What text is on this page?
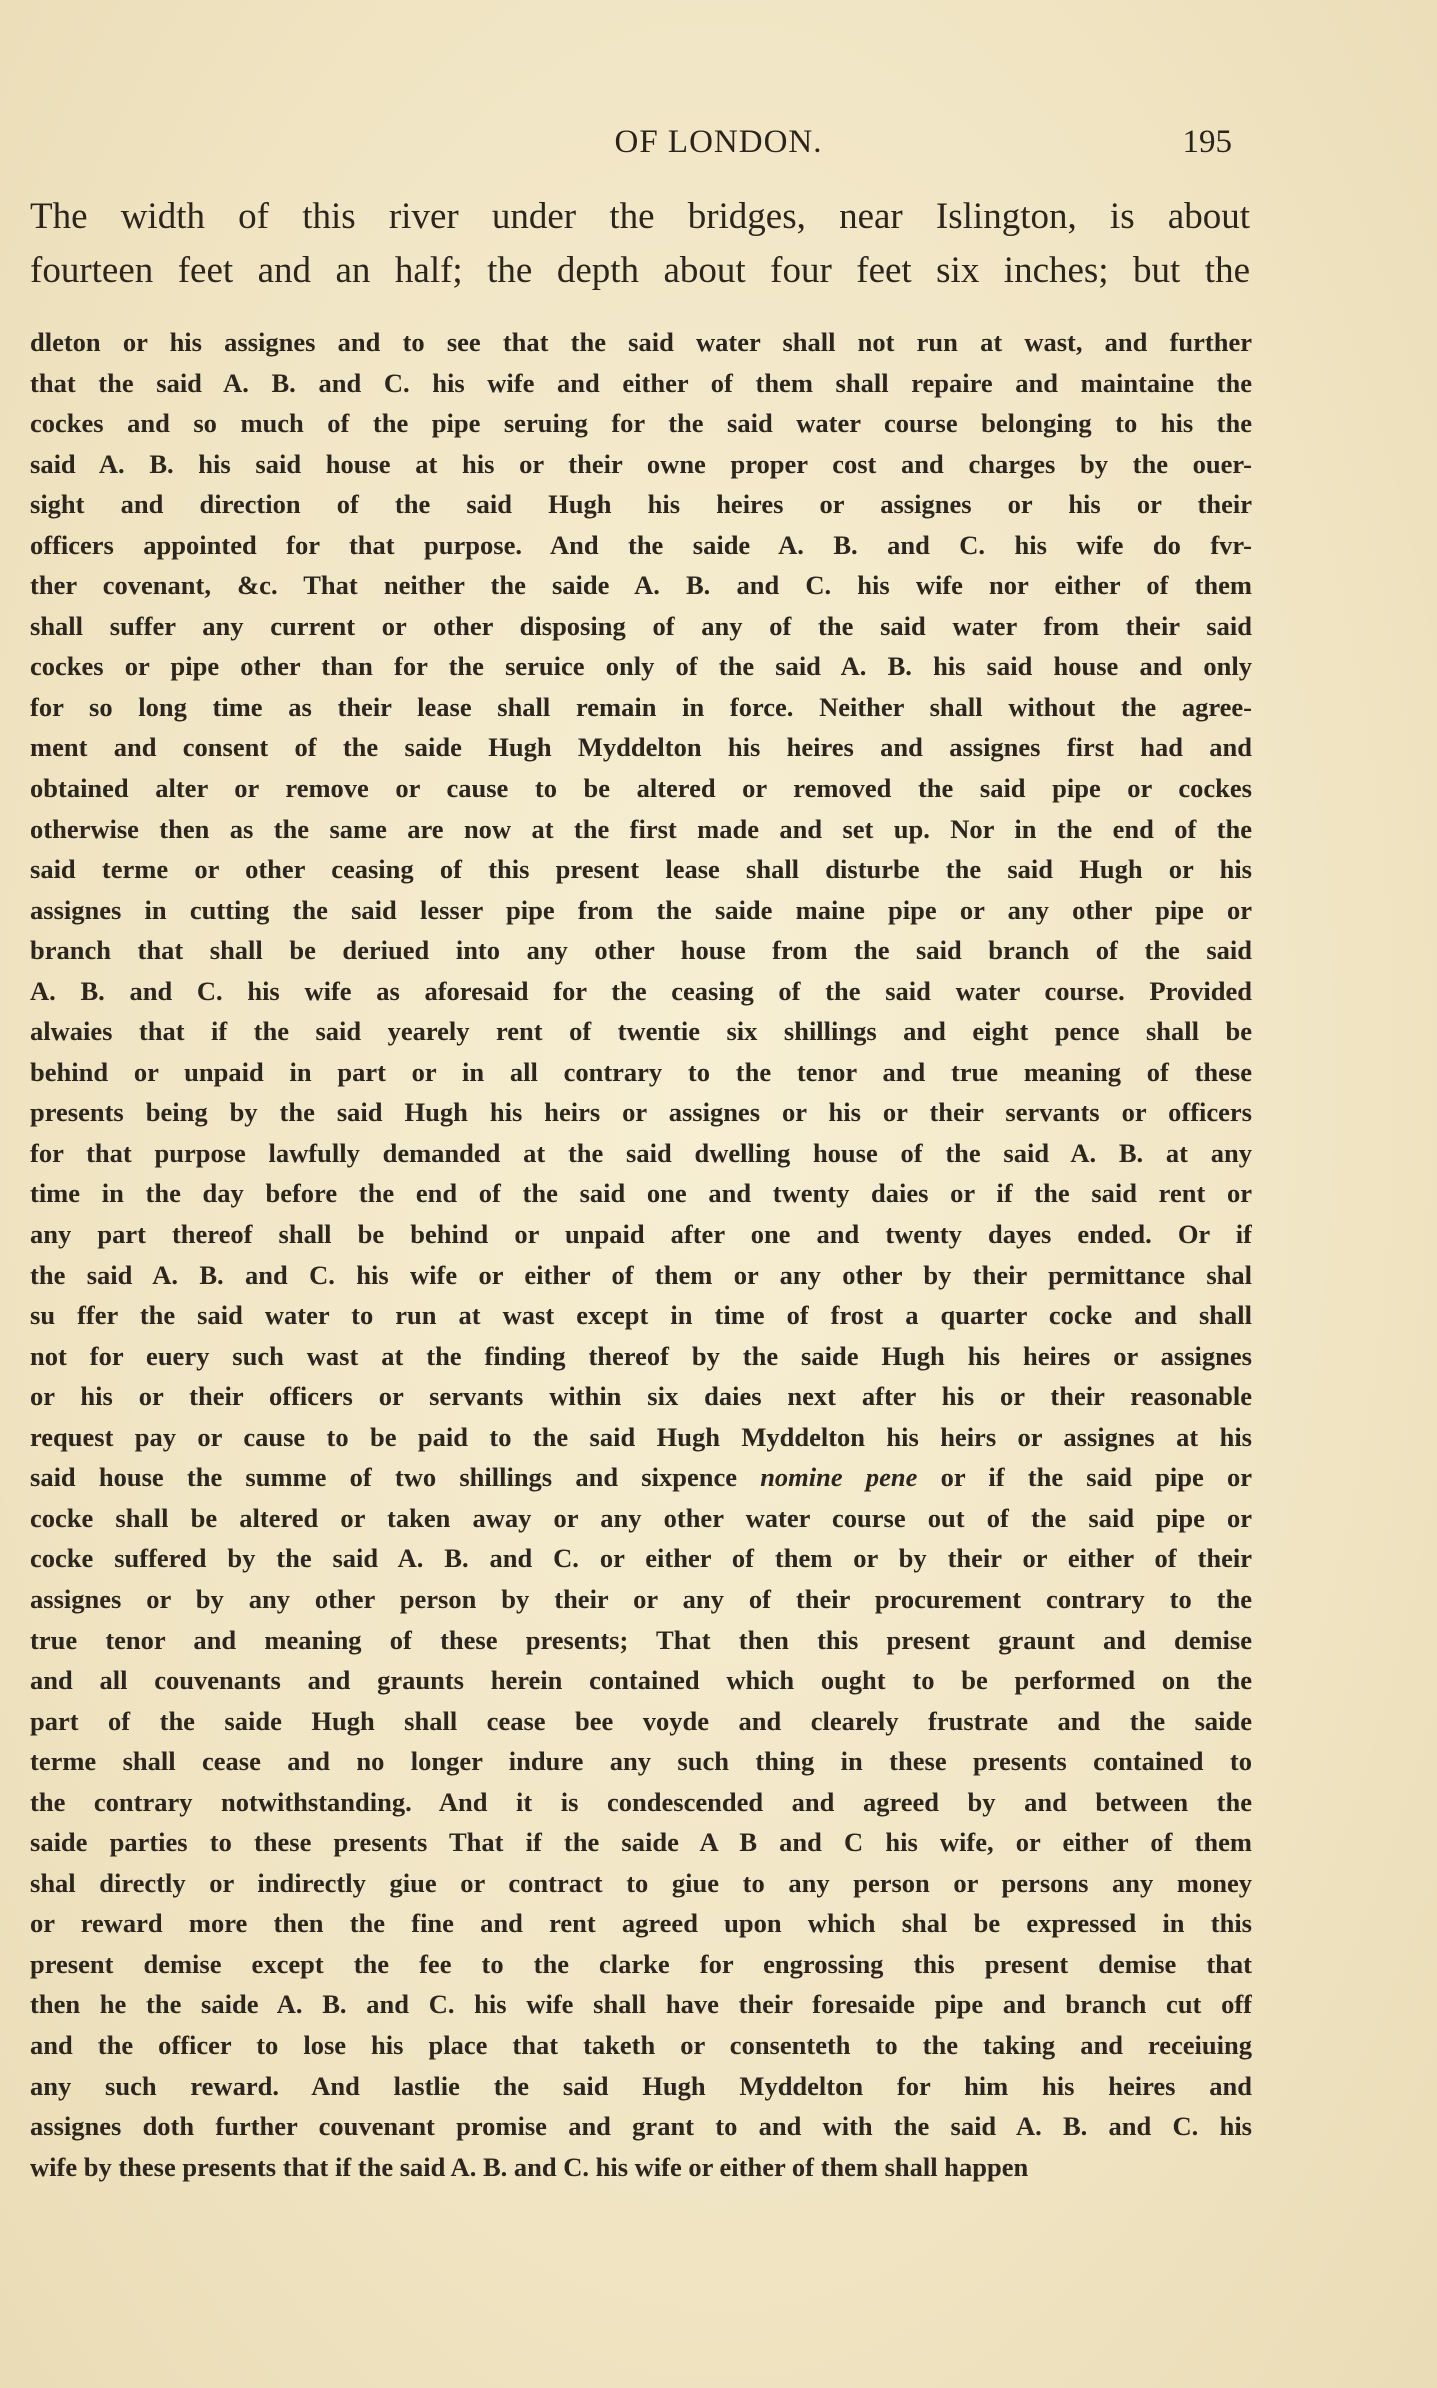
OF LONDON.	195
The width of this river under the bridges, near Islington, is about
fourteen feet and an half; the depth about four feet six inches; but the
dleton or his assignes and to see that the said water shall not run at wast, and further
that the said A. B. and C. his wife and either of them shall repaire and maintaine the
cockes and so much of the pipe seruing for the said water course belonging to his the
said A. B. his said house at his or their owne proper cost and charges by the ouer-
sight and direction of the said Hugh his heires or assignes or his or their
officers appointed for that purpose. And the saide A. B. and C. his wife do fvr-
ther covenant, &c. That neither the saide A. B. and C. his wife nor either of them
shall suffer any current or other disposing of any of the said water from their said
cockes or pipe other than for the seruice only of the said A. B. his said house and only
for so long time as their lease shall remain in force. Neither shall without the agree-
ment and consent of the saide Hugh Myddelton his heires and assignes first had and
obtained alter or remove or cause to be altered or removed the said pipe or cockes
otherwise then as the same are now at the first made and set up. Nor in the end of the
said terme or other ceasing of this present lease shall disturbe the said Hugh or his
assignes in cutting the said lesser pipe from the saide maine pipe or any other pipe or
branch that shall be deriued into any other house from the said branch of the said
A. B. and C. his wife as aforesaid for the ceasing of the said water course. Provided
alwaies that if the said yearely rent of twentie six shillings and eight pence shall be
behind or unpaid in part or in all contrary to the tenor and true meaning of these
presents being by the said Hugh his heirs or assignes or his or their servants or officers
for that purpose lawfully demanded at the said dwelling house of the said A. B. at any
time in the day before the end of the said one and twenty daies or if the said rent or
any part thereof shall be behind or unpaid after one and twenty dayes ended. Or if
the said A. B. and C. his wife or either of them or any other by their permittance shal
su ffer the said water to run at wast except in time of frost a quarter cocke and shall
not for euery such wast at the finding thereof by the saide Hugh his heires or assignes
or his or their officers or servants within six daies next after his or their reasonable
request pay or cause to be paid to the said Hugh Myddelton his heirs or assignes at his
said house the summe of two shillings and sixpence nomine pene or if the said pipe or
cocke shall be altered or taken away or any other water course out of the said pipe or
cocke suffered by the said A. B. and C. or either of them or by their or either of their
assignes or by any other person by their or any of their procurement contrary to the
true tenor and meaning of these presents; That then this present graunt and demise
and all couvenants and graunts herein contained which ought to be performed on the
part of the saide Hugh shall cease bee voyde and clearely frustrate and the saide
terme shall cease and no longer indure any such thing in these presents contained to
the contrary notwithstanding. And it is condescended and agreed by and between the
saide parties to these presents That if the saide A B and C his wife, or either of them
shal directly or indirectly giue or contract to giue to any person or persons any money
or reward more then the fine and rent agreed upon which shal be expressed in this
present demise except the fee to the clarke for engrossing this present demise that
then he the saide A. B. and C. his wife shall have their foresaide pipe and branch cut off
and the officer to lose his place that taketh or consenteth to the taking and receiuing
any such reward. And lastlie the said Hugh Myddelton for him his heires and
assignes doth further couvenant promise and grant to and with the said A. B. and C. his
wife by these presents that if the said A. B. and C. his wife or either of them shall happen
